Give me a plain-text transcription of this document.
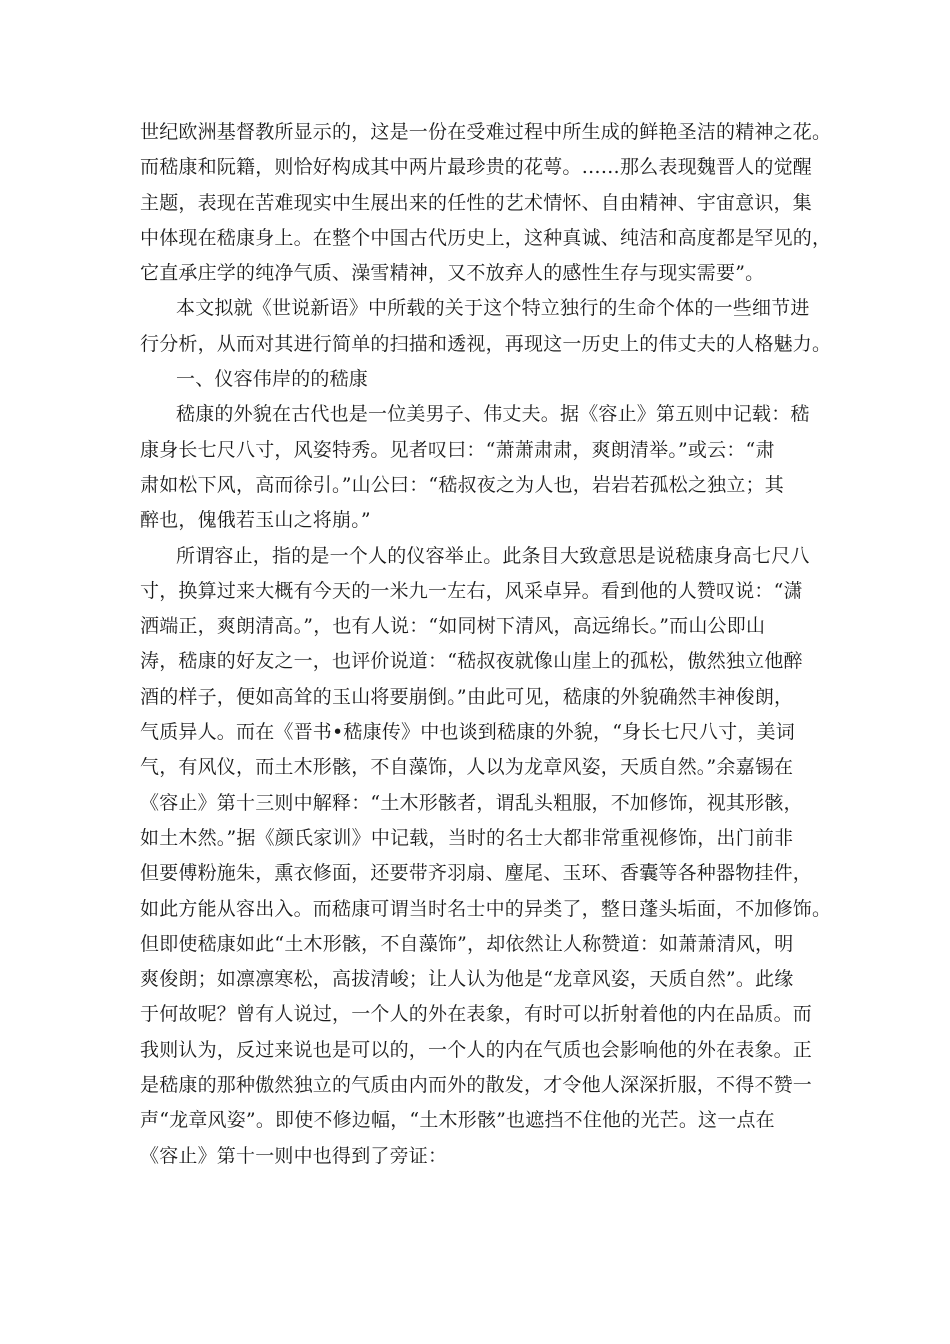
世纪欧洲基督教所显示的，这是一份在受难过程中所生成的鲜艳圣洁的精神之花。
而嵇康和阮籍，则恰好构成其中两片最珍贵的花萼。……那么表现魏晋人的觉醒
主题，表现在苦难现实中生展出来的任性的艺术情怀、自由精神、宇宙意识，集
中体现在嵇康身上。在整个中国古代历史上，这种真诚、纯洁和高度都是罕见的，
它直承庄学的纯净气质、澡雪精神，又不放弃人的感性生存与现实需要”。
本文拟就《世说新语》中所载的关于这个特立独行的生命个体的一些细节进
行分析，从而对其进行简单的扫描和透视，再现这一历史上的伟丈夫的人格魅力。
一、仪容伟岸的的嵇康
嵇康的外貌在古代也是一位美男子、伟丈夫。据《容止》第五则中记载：嵇
康身长七尺八寸，风姿特秀。见者叹曰：“萧萧肃肃，爽朗清举。”或云：“肃
肃如松下风，高而徐引。”山公曰：“嵇叔夜之为人也，岩岩若孤松之独立；其
醉也，傀俄若玉山之将崩。”
所谓容止，指的是一个人的仪容举止。此条目大致意思是说嵇康身高七尺八
寸，换算过来大概有今天的一米九一左右，风采卓异。看到他的人赞叹说：“潇
洒端正，爽朗清高。”，也有人说：“如同树下清风，高远绵长。”而山公即山
涛，嵇康的好友之一，也评价说道：“嵇叔夜就像山崖上的孤松，傲然独立他醉
酒的样子，便如高耸的玉山将要崩倒。”由此可见，嵇康的外貌确然丰神俊朗，
气质异人。而在《晋书•嵇康传》中也谈到嵇康的外貌，“身长七尺八寸，美词
气，有风仪，而土木形骸，不自藻饰，人以为龙章风姿，天质自然。”余嘉锡在
《容止》第十三则中解释：“土木形骸者，谓乱头粗服，不加修饰，视其形骸，
如土木然。”据《颜氏家训》中记载，当时的名士大都非常重视修饰，出门前非
但要傅粉施朱，熏衣修面，还要带齐羽扇、麈尾、玉环、香囊等各种器物挂件，
如此方能从容出入。而嵇康可谓当时名士中的异类了，整日蓬头垢面，不加修饰。
但即使嵇康如此“土木形骸，不自藻饰”，却依然让人称赞道：如萧萧清风，明
爽俊朗；如凛凛寒松，高拔清峻；让人认为他是“龙章风姿，天质自然”。此缘
于何故呢？曾有人说过，一个人的外在表象，有时可以折射着他的内在品质。而
我则认为，反过来说也是可以的，一个人的内在气质也会影响他的外在表象。正
是嵇康的那种傲然独立的气质由内而外的散发，才令他人深深折服，不得不赞一
声“龙章风姿”。即使不修边幅，“土木形骸”也遮挡不住他的光芒。这一点在
《容止》第十一则中也得到了旁证：
